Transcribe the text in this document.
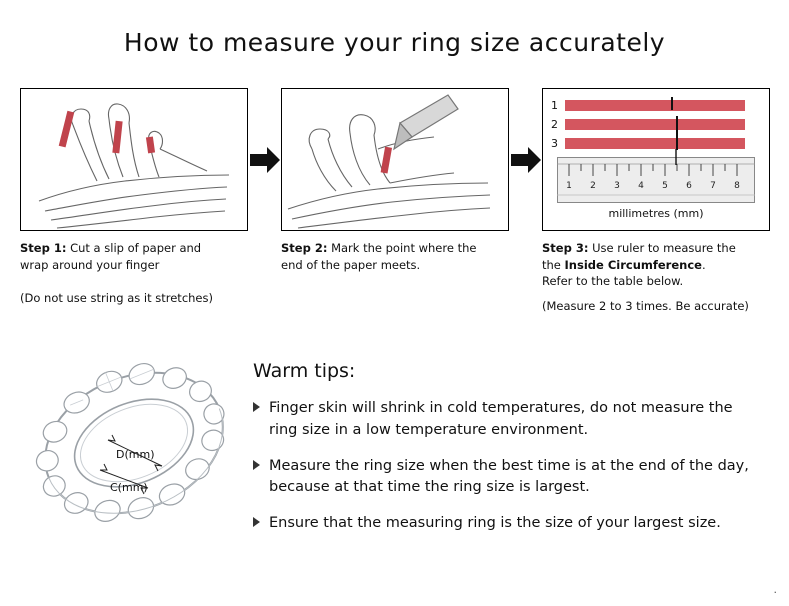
How to measure your ring size accurately
Step 1: Cut a slip of paper and
wrap around your finger
(Do not use string as it stretches)
Step 2: Mark the point where the
end of the paper meets.
1
2
3
1 2 3 4 5 6 7 8
millimetres (mm)
Step 3: Use ruler to measure the
the Inside Circumference.
Refer to the table below.
(Measure 2 to 3 times. Be accurate)
D(mm)
C(mm)
Warm tips:
Finger skin will shrink in cold temperatures, do not measure the ring size in a low temperature environment.
Measure the ring size when the best time is at the end of the day, because at that time the ring size is largest.
Ensure that the measuring ring is the size of your largest size.
.
